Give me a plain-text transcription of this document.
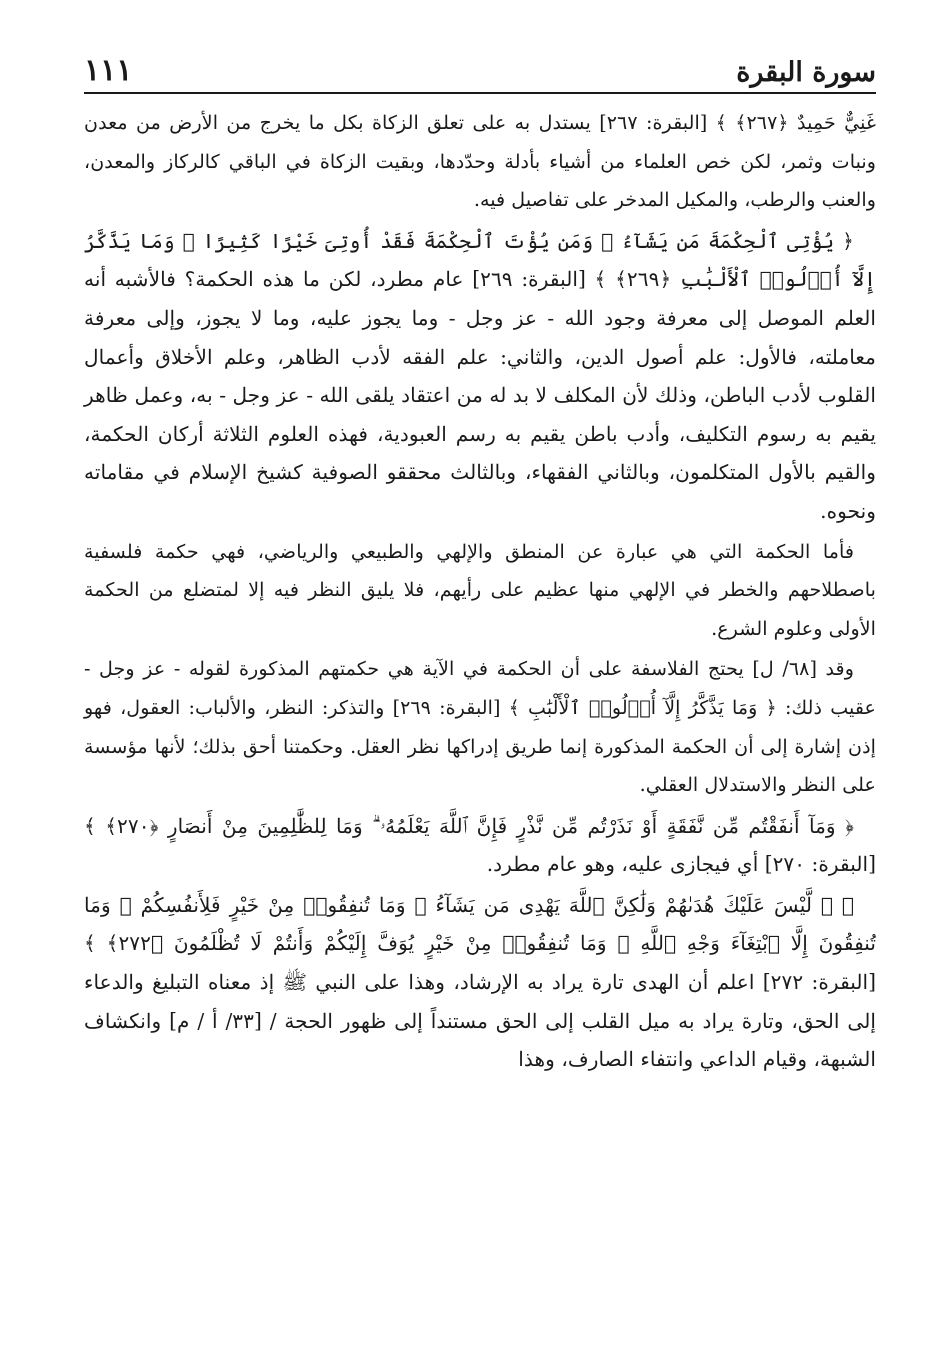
سورة البقرة
١١١

غَنِيٌّ حَمِيدٌ ﴿٢٦٧﴾ ﴾ [البقرة: ٢٦٧] يستدل به على تعلق الزكاة بكل ما يخرج من الأرض من معدن ونبات وثمر، لكن خص العلماء من أشياء بأدلة وحدّدها، وبقيت الزكاة في الباقي كالركاز والمعدن، والعنب والرطب، والمكيل المدخر على تفاصيل فيه.

﴿ يُؤْتِى ٱلْحِكْمَةَ مَن يَشَآءُ ۚ وَمَن يُؤْتَ ٱلْحِكْمَةَ فَقَدْ أُوتِىَ خَيْرًا كَثِيرًا ۗ وَمَا يَذَّكَّرُ إِلَّآ أُو۟لُوا۟ ٱلْأَلْبَٰبِ ﴿٢٦٩﴾ ﴾ [البقرة: ٢٦٩] عام مطرد، لكن ما هذه الحكمة؟ فالأشبه أنه العلم الموصل إلى معرفة وجود الله - عز وجل - وما يجوز عليه، وما لا يجوز، وإلى معرفة معاملته، فالأول: علم أصول الدين، والثاني: علم الفقه لأدب الظاهر، وعلم الأخلاق وأعمال القلوب لأدب الباطن، وذلك لأن المكلف لا بد له من اعتقاد يلقى الله - عز وجل - به، وعمل ظاهر يقيم به رسوم التكليف، وأدب باطن يقيم به رسم العبودية، فهذه العلوم الثلاثة أركان الحكمة، والقيم بالأول المتكلمون، وبالثاني الفقهاء، وبالثالث محققو الصوفية كشيخ الإسلام في مقاماته ونحوه.

فأما الحكمة التي هي عبارة عن المنطق والإلهي والطبيعي والرياضي، فهي حكمة فلسفية باصطلاحهم والخطر في الإلهي منها عظيم على رأيهم، فلا يليق النظر فيه إلا لمتضلع من الحكمة الأولى وعلوم الشرع.

وقد [٦٨/ ل] يحتج الفلاسفة على أن الحكمة في الآية هي حكمتهم المذكورة لقوله - عز وجل - عقيب ذلك: ﴿ وَمَا يَذَّكَّرُ إِلَّآ أُو۟لُوا۟ ٱلْأَلْبَٰبِ ﴾ [البقرة: ٢٦٩] والتذكر: النظر، والألباب: العقول، فهو إذن إشارة إلى أن الحكمة المذكورة إنما طريق إدراكها نظر العقل. وحكمتنا أحق بذلك؛ لأنها مؤسسة على النظر والاستدلال العقلي.

﴿ وَمَآ أَنفَقْتُم مِّن نَّفَقَةٍ أَوْ نَذَرْتُم مِّن نَّذْرٍ فَإِنَّ ٱللَّهَ يَعْلَمُهُۥ ۗ وَمَا لِلظَّٰلِمِينَ مِنْ أَنصَارٍ ﴿٢٧٠﴾ ﴾ [البقرة: ٢٧٠] أي فيجازى عليه، وهو عام مطرد.

﴿ ۞ لَّيْسَ عَلَيْكَ هُدَىٰهُمْ وَلَٰكِنَّ ٱللَّهَ يَهْدِى مَن يَشَآءُ ۗ وَمَا تُنفِقُوا۟ مِنْ خَيْرٍ فَلِأَنفُسِكُمْ ۚ وَمَا تُنفِقُونَ إِلَّا ٱبْتِغَآءَ وَجْهِ ٱللَّهِ ۚ وَمَا تُنفِقُوا۟ مِنْ خَيْرٍ يُوَفَّ إِلَيْكُمْ وَأَنتُمْ لَا تُظْلَمُونَ ﴿٢٧٢﴾ ﴾ [البقرة: ٢٧٢] اعلم أن الهدى تارة يراد به الإرشاد، وهذا على النبي ﷺ إذ معناه التبليغ والدعاء إلى الحق، وتارة يراد به ميل القلب إلى الحق مستنداً إلى ظهور الحجة / [٣٣/ أ / م] وانكشاف الشبهة، وقيام الداعي وانتفاء الصارف، وهذا
